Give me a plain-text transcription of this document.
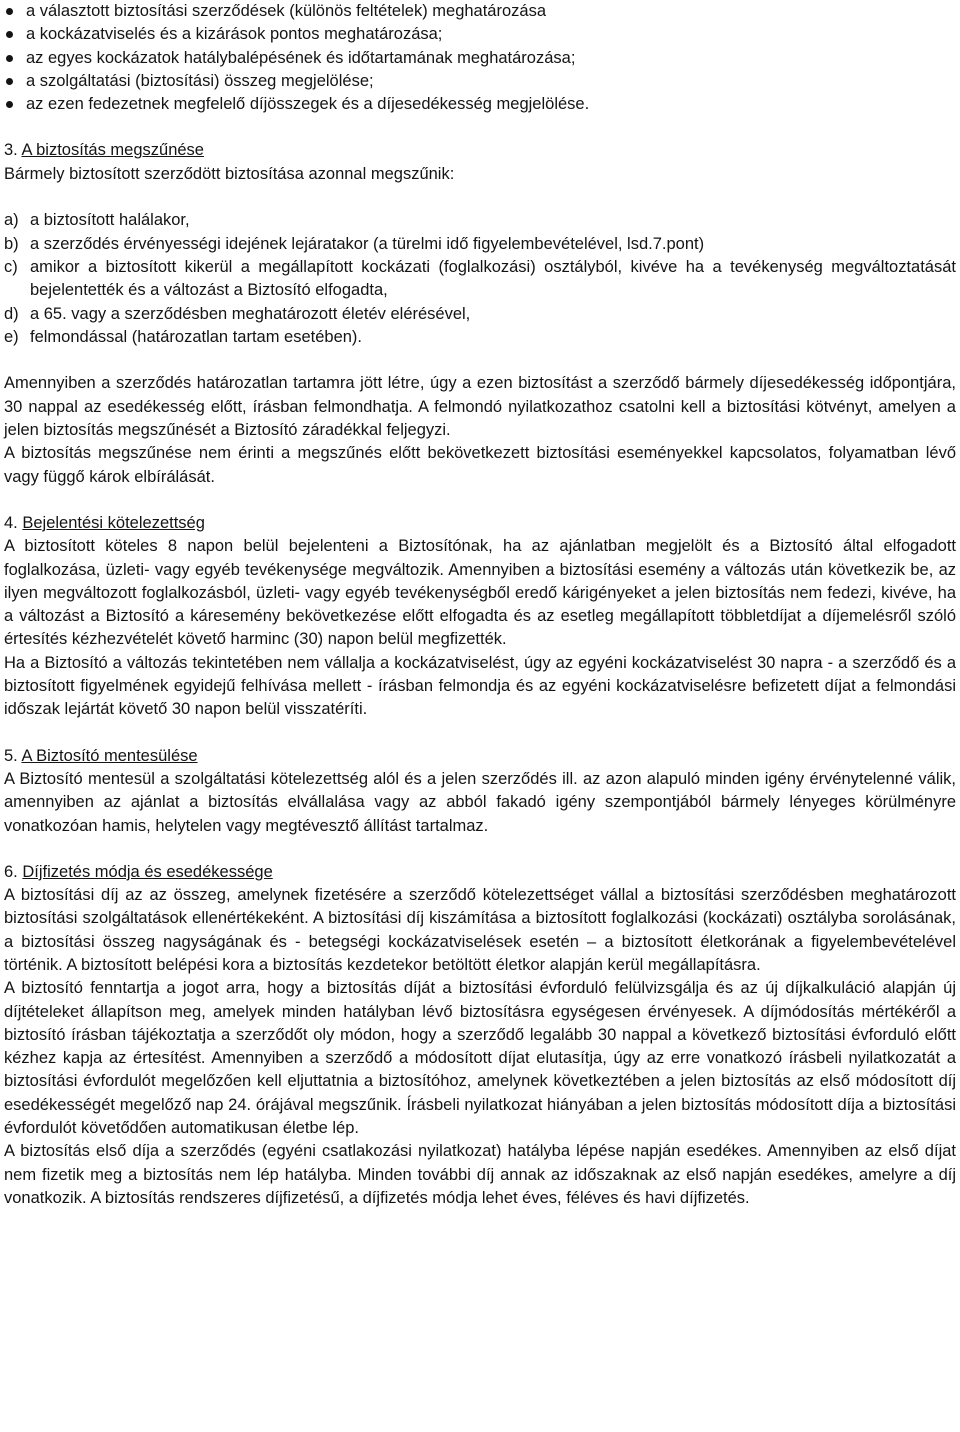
a választott biztosítási szerződések (különös feltételek) meghatározása
a kockázatviselés és a kizárások pontos meghatározása;
az egyes kockázatok hatálybalépésének és időtartamának meghatározása;
a szolgáltatási (biztosítási) összeg megjelölése;
az ezen fedezetnek megfelelő díjösszegek és a díjesedékesség megjelölése.
3. A biztosítás megszűnése

Bármely biztosított szerződött biztosítása azonnal megszűnik:

a) a biztosított halálakor,
b) a szerződés érvényességi idejének lejáratakor (a türelmi idő figyelembevételével, lsd.7.pont)
c) amikor a biztosított kikerül a megállapított kockázati (foglalkozási) osztályból, kivéve ha a tevékenység megváltoztatását bejelentették és a változást a Biztosító elfogadta,
d) a 65. vagy a szerződésben meghatározott életév elérésével,
e) felmondással (határozatlan tartam esetében).

Amennyiben a szerződés határozatlan tartamra jött létre, úgy a ezen biztosítást a szerződő bármely díjesedékesség időpontjára, 30 nappal az esedékesség előtt, írásban felmondhatja. A felmondó nyilatkozathoz csatolni kell a biztosítási kötvényt, amelyen a jelen biztosítás megszűnését a Biztosító záradékkal feljegyzi.

A biztosítás megszűnése nem érinti a megszűnés előtt bekövetkezett biztosítási eseményekkel kapcsolatos, folyamatban lévő vagy függő károk elbírálását.

4. Bejelentési kötelezettség

A biztosított köteles 8 napon belül bejelenteni a Biztosítónak, ha az ajánlatban megjelölt és a Biztosító által elfogadott foglalkozása, üzleti- vagy egyéb tevékenysége megváltozik. Amennyiben a biztosítási esemény a változás után következik be, az ilyen megváltozott foglalkozásból, üzleti- vagy egyéb tevékenységből eredő kárigényeket a jelen biztosítás nem fedezi, kivéve, ha a változást a Biztosító a káresemény bekövetkezése előtt elfogadta és az esetleg megállapított többletdíjat a díjemelésről szóló értesítés kézhezvételét követő harminc (30) napon belül megfizették.

Ha a Biztosító a változás tekintetében nem vállalja a kockázatviselést, úgy az egyéni kockázatviselést 30 napra - a szerződő és a biztosított figyelmének egyidejű felhívása mellett - írásban felmondja és az egyéni kockázatviselésre befizetett díjat a felmondási időszak lejártát követő 30 napon belül visszatéríti.

5. A Biztosító mentesülése

A Biztosító mentesül a szolgáltatási kötelezettség alól és a jelen szerződés ill. az azon alapuló minden igény érvénytelenné válik, amennyiben az ajánlat a biztosítás elvállalása vagy az abból fakadó igény szempontjából bármely lényeges körülményre vonatkozóan hamis, helytelen vagy megtévesztő állítást tartalmaz.

6. Díjfizetés módja és esedékessége

A biztosítási díj az az összeg, amelynek fizetésére a szerződő kötelezettséget vállal a biztosítási szerződésben meghatározott biztosítási szolgáltatások ellenértékeként. A biztosítási díj kiszámítása a biztosított foglalkozási (kockázati) osztályba sorolásának, a biztosítási összeg nagyságának és - betegségi kockázatviselések esetén – a biztosított életkorának a figyelembevételével történik. A biztosított belépési kora a biztosítás kezdetekor betöltött életkor alapján kerül megállapításra.

A biztosító fenntartja a jogot arra, hogy a biztosítás díját a biztosítási évforduló felülvizsgálja és az új díjkalkuláció alapján új díjtételeket állapítson meg, amelyek minden hatályban lévő biztosításra egységesen érvényesek. A díjmódosítás mértékéről a biztosító írásban tájékoztatja a szerződőt oly módon, hogy a szerződő legalább 30 nappal a következő biztosítási évforduló előtt kézhez kapja az értesítést. Amennyiben a szerződő a módosított díjat elutasítja, úgy az erre vonatkozó írásbeli nyilatkozatát a biztosítási évfordulót megelőzően kell eljuttatnia a biztosítóhoz, amelynek következtében a jelen biztosítás az első módosított díj esedékességét megelőző nap 24. órájával megszűnik. Írásbeli nyilatkozat hiányában a jelen biztosítás módosított díja a biztosítási évfordulót követődően automatikusan életbe lép.

A biztosítás első díja a szerződés (egyéni csatlakozási nyilatkozat) hatályba lépése napján esedékes. Amennyiben az első díjat nem fizetik meg a biztosítás nem lép hatályba. Minden további díj annak az időszaknak az első napján esedékes, amelyre a díj vonatkozik. A biztosítás rendszeres díjfizetésű, a díjfizetés módja lehet éves, féléves és havi díjfizetés.
